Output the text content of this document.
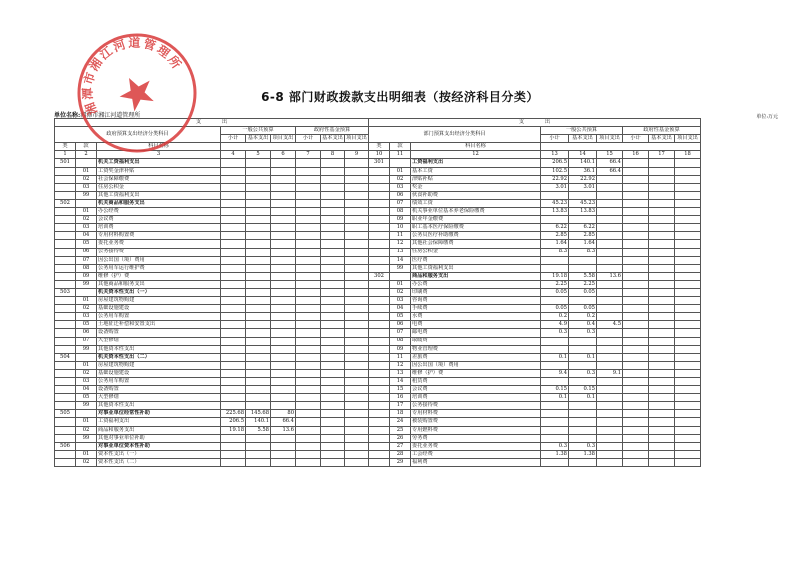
6-8 部门财政拨款支出明细表（按经济科目分类）
单位名称:湘潭市湘江河道管理所	单位:万元
支     出								
政府预算支出经济分类科目			一般公共预算			政府性基金预算		
			小计	基本支出	项目支出	小计	基本支出	项目支出
类	款	科目名称						
1	2	3	4	5	6	7	8	9
501		机关工资福利支出						
	01	工资奖金津补贴						
	02	社会保障缴费						
	03	住房公积金						
	99	其他工资福利支出						
502		机关商品和服务支出						
	01	办公经费						
	02	会议费						
	03	培训费						
	04	专用材料购置费						
	05	委托业务费						
	06	公务接待费						
	07	因公出国（境）费用						
	08	公务用车运行维护费						
	09	维修（护）费						
	99	其他商品和服务支出						
503		机关资本性支出（一）						
	01	房屋建筑物购建						
	02	基础设施建设						
	03	公务用车购置						
	05	土地征迁补偿和安置支出						
	06	设备购置						
	07	大型修缮						
	99	其他资本性支出						
504		机关资本性支出（二）						
	01	房屋建筑物购建						
	02	基础设施建设						
	03	公务用车购置						
	04	设备购置						
	05	大型修缮						
	99	其他资本性支出						
505		对事业单位经常性补助	225.68	145.68	80			
	01	工资福利支出	206.5	140.1	66.4			
	02	商品和服务支出	19.18	5.58	13.6			
	99	其他对事业单位补助						
506		对事业单位资本性补助						
	01	资本性支出（一）						
	02	资本性支出（二）						
支     出								
部门预算支出经济分类科目			一般公共预算			政府性基金预算		
			小计	基本支出	项目支出	小计	基本支出	项目支出
类	款	科目名称						
10	11	12	13	14	15	16	17	18
301		工资福利支出	206.5	140.1	66.4			
	01	基本工资	102.5	36.1	66.4			
	02	津贴补贴	22.92	22.92				
	03	奖金	3.01	3.01				
	06	伙食补助费						
	07	绩效工资	45.23	45.23				
	08	机关事业单位基本养老保险缴费	13.83	13.83				
	09	职业年金缴费						
	10	职工基本医疗保险缴费	6.22	6.22				
	11	公务员医疗补助缴费	2.85	2.85				
	12	其他社会保障缴费	1.64	1.64				
	13	住房公积金	8.3	8.3				
	14	医疗费						
	99	其他工资福利支出						
302		商品和服务支出	19.18	5.58	13.6			
	01	办公费	2.25	2.25				
	02	印刷费	0.05	0.05				
	03	咨询费						
	04	手续费	0.05	0.05				
	05	水费	0.2	0.2				
	06	电费	4.9	0.4	4.5			
	07	邮电费	0.3	0.3				
	08	取暖费						
	09	物业管理费						
	11	差旅费	0.1	0.1				
	12	因公出国（境）费用						
	13	维修（护）费	9.4	0.3	9.1			
	14	租赁费						
	15	会议费	0.15	0.15				
	16	培训费	0.1	0.1				
	17	公务接待费						
	18	专用材料费						
	24	被装购置费						
	25	专用燃料费						
	26	劳务费						
	27	委托业务费	0.3	0.3				
	28	工会经费	1.38	1.38				
	29	福利费						
湘潭市湘江河道管理所
